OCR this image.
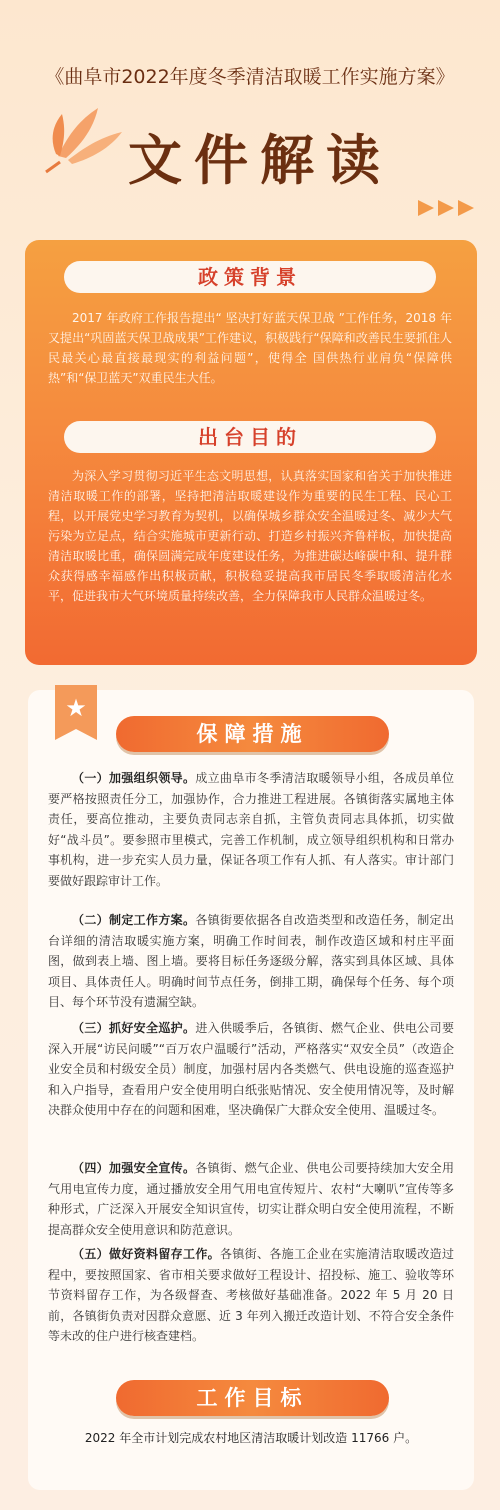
《曲阜市2022年度冬季清洁取暖工作实施方案》
文件解读
政策背景

2017 年政府工作报告提出“ 坚决打好蓝天保卫战 ”工作任务，2018 年又提出“巩固蓝天保卫战成果”工作建议，积极践行“保障和改善民生要抓住人民最关心最直接最现实的利益问题”，使得全 国供热行业肩负“保障供热”和“保卫蓝天”双重民生大任。

出台目的

为深入学习贯彻习近平生态文明思想，认真落实国家和省关于加快推进清洁取暖工作的部署，坚持把清洁取暖建设作为重要的民生工程、民心工程，以开展党史学习教育为契机，以确保城乡群众安全温暖过冬、减少大气污染为立足点，结合实施城市更新行动、打造乡村振兴齐鲁样板，加快提高清洁取暖比重，确保圆满完成年度建设任务，为推进碳达峰碳中和、提升群众获得感幸福感作出积极贡献，积极稳妥提高我市居民冬季取暖清洁化水平，促进我市大气环境质量持续改善，全力保障我市人民群众温暖过冬。

★
保障措施

（一）加强组织领导。成立曲阜市冬季清洁取暖领导小组，各成员单位要严格按照责任分工，加强协作，合力推进工程进展。各镇街落实属地主体责任，要高位推动，主要负责同志亲自抓，主管负责同志具体抓，切实做好“战斗员”。要参照市里模式，完善工作机制，成立领导组织机构和日常办事机构，进一步充实人员力量，保证各项工作有人抓、有人落实。审计部门要做好跟踪审计工作。

（二）制定工作方案。各镇街要依据各自改造类型和改造任务，制定出台详细的清洁取暖实施方案，明确工作时间表，制作改造区域和村庄平面图，做到表上墙、图上墙。要将目标任务逐级分解，落实到具体区域、具体项目、具体责任人。明确时间节点任务，倒排工期，确保每个任务、每个项目、每个环节没有遗漏空缺。

（三）抓好安全巡护。进入供暖季后，各镇街、燃气企业、供电公司要深入开展“访民问暖”“百万农户温暖行”活动，严格落实“双安全员”（改造企业安全员和村级安全员）制度，加强村居内各类燃气、供电设施的巡查巡护和入户指导，查看用户安全使用明白纸张贴情况、安全使用情况等，及时解决群众使用中存在的问题和困难，坚决确保广大群众安全使用、温暖过冬。

（四）加强安全宣传。各镇街、燃气企业、供电公司要持续加大安全用气用电宣传力度，通过播放安全用气用电宣传短片、农村“大喇叭”宣传等多种形式，广泛深入开展安全知识宣传，切实让群众明白安全使用流程，不断提高群众安全使用意识和防范意识。

（五）做好资料留存工作。各镇街、各施工企业在实施清洁取暖改造过程中，要按照国家、省市相关要求做好工程设计、招投标、施工、验收等环节资料留存工作，为各级督查、考核做好基础准备。2022 年 5 月 20 日前，各镇街负责对因群众意愿、近 3 年列入搬迁改造计划、不符合安全条件等未改的住户进行核查建档。

工作目标
2022 年全市计划完成农村地区清洁取暖计划改造 11766 户。
